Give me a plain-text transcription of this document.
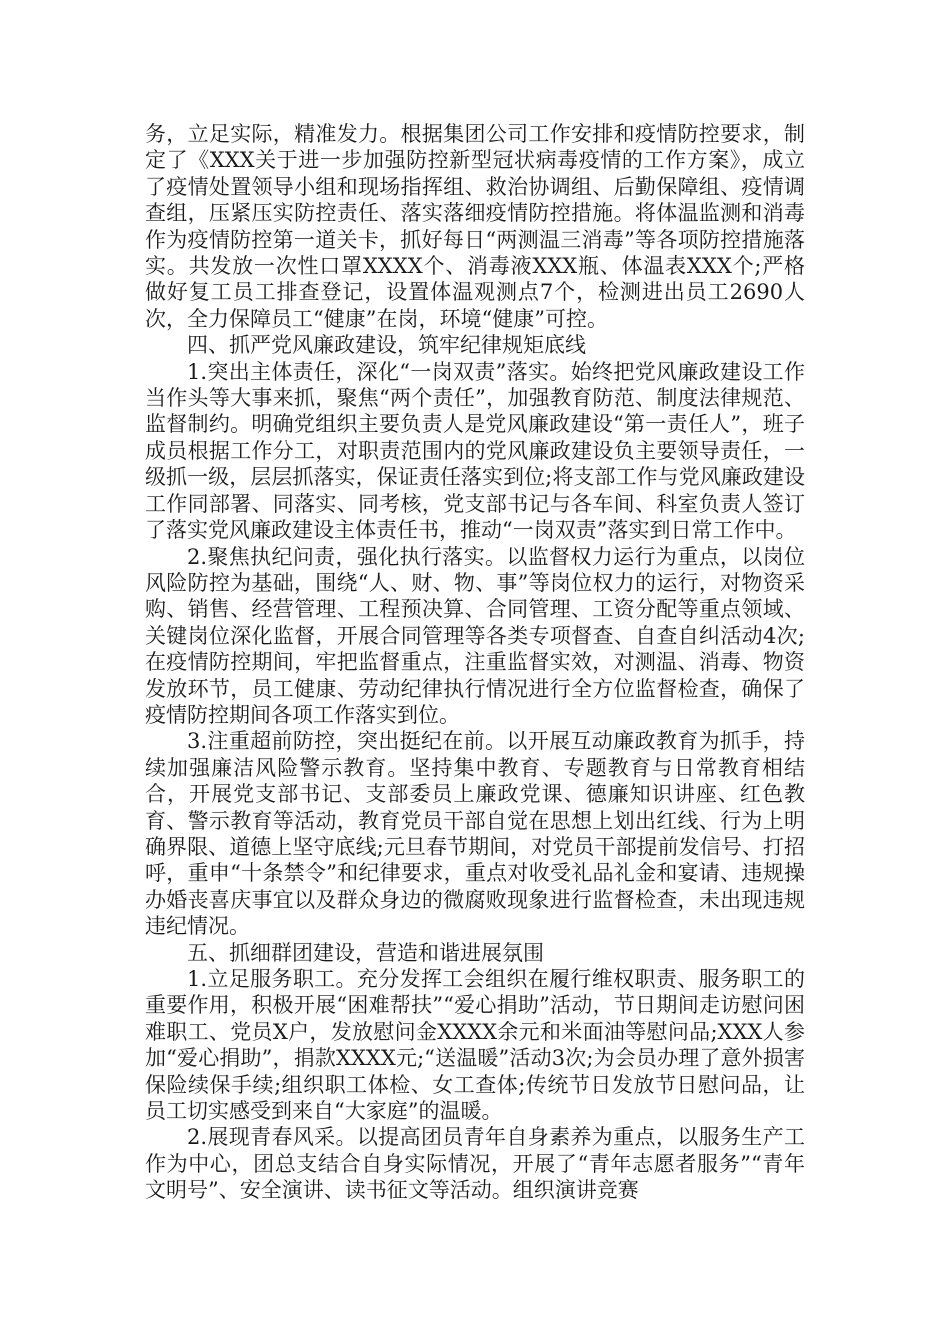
务，立足实际，精准发力。根据集团公司工作安排和疫情防控要求，制定了《XXX关于进一步加强防控新型冠状病毒疫情的工作方案》，成立了疫情处置领导小组和现场指挥组、救治协调组、后勤保障组、疫情调查组，压紧压实防控责任、落实落细疫情防控措施。将体温监测和消毒作为疫情防控第一道关卡，抓好每日“两测温三消毒”等各项防控措施落实。共发放一次性口罩XXXX个、消毒液XXX瓶、体温表XXX个;严格做好复工员工排查登记，设置体温观测点7个，检测进出员工2690人次，全力保障员工“健康”在岗，环境“健康”可控。

四、抓严党风廉政建设，筑牢纪律规矩底线

1.突出主体责任，深化“一岗双责”落实。始终把党风廉政建设工作当作头等大事来抓，聚焦“两个责任”，加强教育防范、制度法律规范、监督制约。明确党组织主要负责人是党风廉政建设“第一责任人”，班子成员根据工作分工，对职责范围内的党风廉政建设负主要领导责任，一级抓一级，层层抓落实，保证责任落实到位;将支部工作与党风廉政建设工作同部署、同落实、同考核，党支部书记与各车间、科室负责人签订了落实党风廉政建设主体责任书，推动“一岗双责”落实到日常工作中。

2.聚焦执纪问责，强化执行落实。以监督权力运行为重点，以岗位风险防控为基础，围绕“人、财、物、事”等岗位权力的运行，对物资采购、销售、经营管理、工程预决算、合同管理、工资分配等重点领域、关键岗位深化监督，开展合同管理等各类专项督查、自查自纠活动4次;在疫情防控期间，牢把监督重点，注重监督实效，对测温、消毒、物资发放环节，员工健康、劳动纪律执行情况进行全方位监督检查，确保了疫情防控期间各项工作落实到位。

3.注重超前防控，突出挺纪在前。以开展互动廉政教育为抓手，持续加强廉洁风险警示教育。坚持集中教育、专题教育与日常教育相结合，开展党支部书记、支部委员上廉政党课、德廉知识讲座、红色教育、警示教育等活动，教育党员干部自觉在思想上划出红线、行为上明确界限、道德上坚守底线;元旦春节期间，对党员干部提前发信号、打招呼，重申“十条禁令”和纪律要求，重点对收受礼品礼金和宴请、违规操办婚丧喜庆事宜以及群众身边的微腐败现象进行监督检查，未出现违规违纪情况。

五、抓细群团建设，营造和谐进展氛围

1.立足服务职工。充分发挥工会组织在履行维权职责、服务职工的重要作用，积极开展“困难帮扶”“爱心捐助”活动，节日期间走访慰问困难职工、党员X户，发放慰问金XXXX余元和米面油等慰问品;XXX人参加“爱心捐助”，捐款XXXX元;“送温暖”活动3次;为会员办理了意外损害保险续保手续;组织职工体检、女工查体;传统节日发放节日慰问品，让员工切实感受到来自“大家庭”的温暖。

2.展现青春风采。以提高团员青年自身素养为重点，以服务生产工作为中心，团总支结合自身实际情况，开展了“青年志愿者服务”“青年文明号”、安全演讲、读书征文等活动。组织演讲竞赛
